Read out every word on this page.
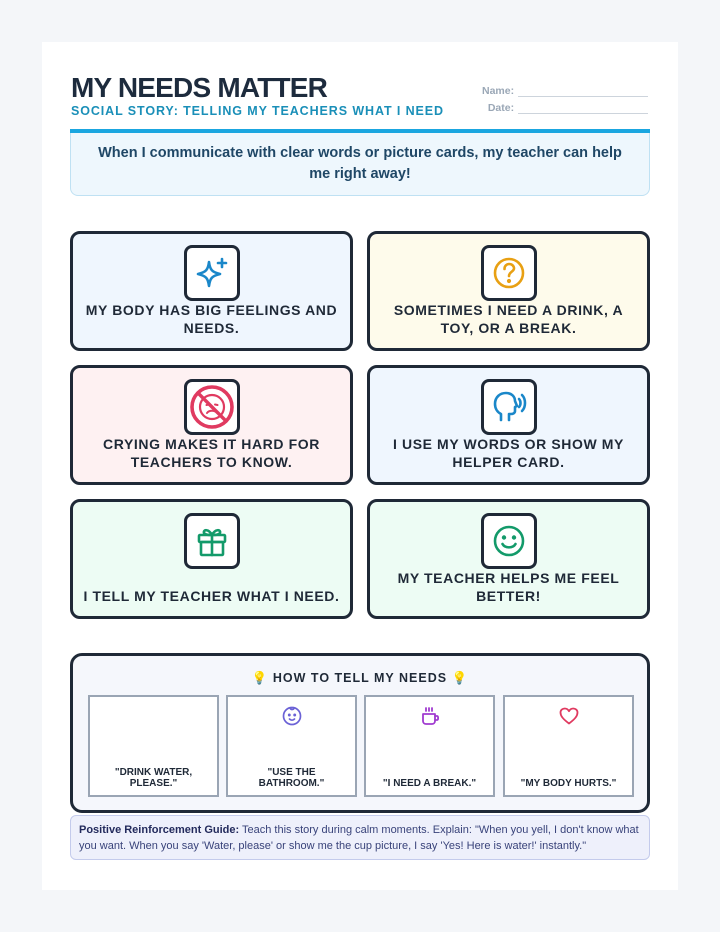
MY NEEDS MATTER
SOCIAL STORY: TELLING MY TEACHERS WHAT I NEED
Name:
Date:
When I communicate with clear words or picture cards, my teacher can help me right away!
MY BODY HAS BIG FEELINGS AND NEEDS.
SOMETIMES I NEED A DRINK, A TOY, OR A BREAK.
CRYING MAKES IT HARD FOR TEACHERS TO KNOW.
I USE MY WORDS OR SHOW MY HELPER CARD.
I TELL MY TEACHER WHAT I NEED.
MY TEACHER HELPS ME FEEL BETTER!
💡 HOW TO TELL MY NEEDS 💡
"DRINK WATER, PLEASE."
"USE THE BATHROOM."	"I NEED A BREAK."	"MY BODY HURTS."
Positive Reinforcement Guide: Teach this story during calm moments. Explain: "When you yell, I don't know what you want. When you say 'Water, please' or show me the cup picture, I say 'Yes! Here is water!' instantly."
